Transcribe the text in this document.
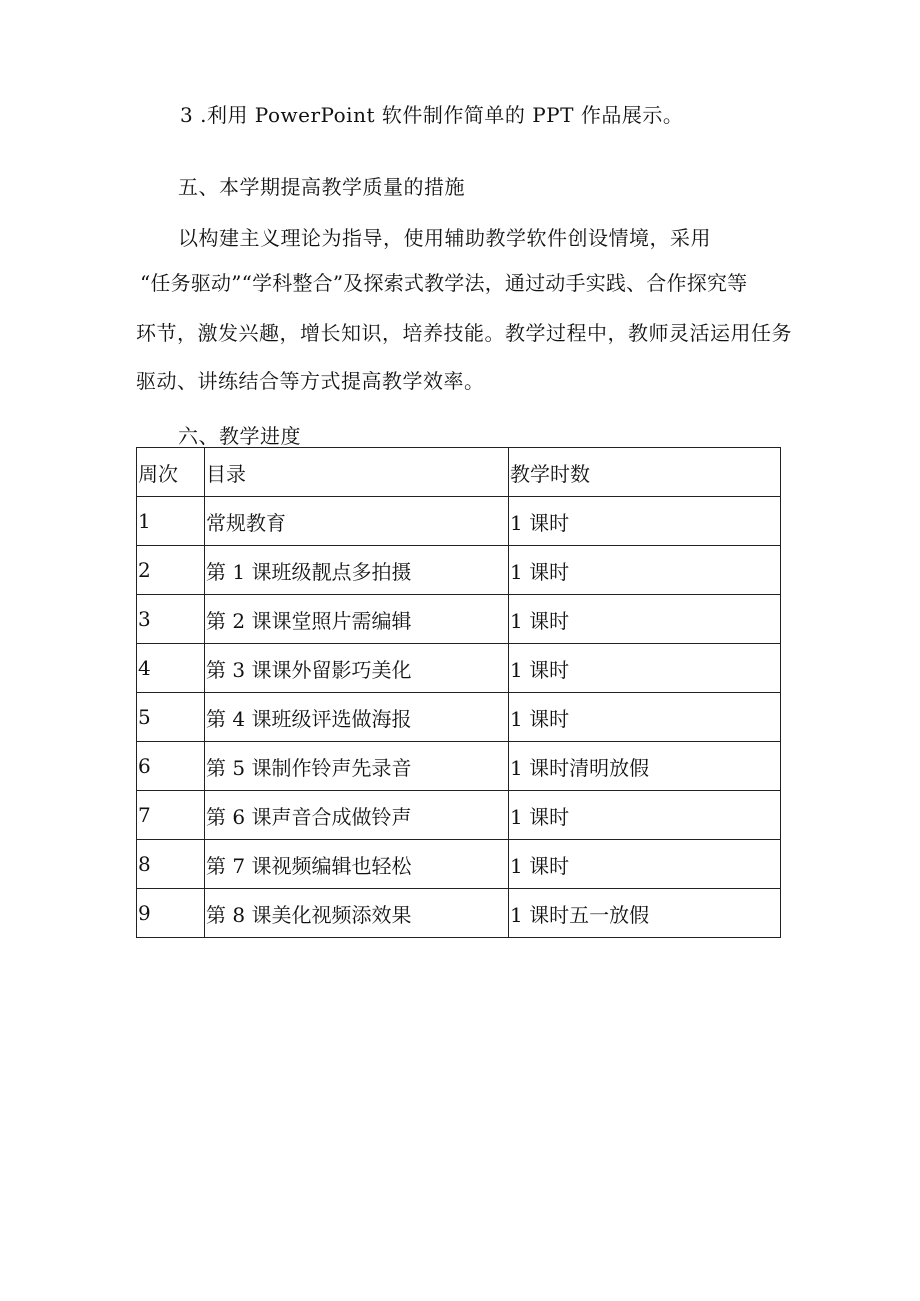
3 .利用 PowerPoint 软件制作简单的 PPT 作品展示。
五、本学期提高教学质量的措施
以构建主义理论为指导，使用辅助教学软件创设情境，采用
“任务驱动”“学科整合”及探索式教学法，通过动手实践、合作探究等
环节，激发兴趣，增长知识，培养技能。教学过程中，教师灵活运用任务
驱动、讲练结合等方式提高教学效率。
六、教学进度
周次	目录	教学时数
1	常规教育	1 课时
2	第 1 课班级靓点多拍摄	1 课时
3	第 2 课课堂照片需编辑	1 课时
4	第 3 课课外留影巧美化	1 课时
5	第 4 课班级评选做海报	1 课时
6	第 5 课制作铃声先录音	1 课时清明放假
7	第 6 课声音合成做铃声	1 课时
8	第 7 课视频编辑也轻松	1 课时
9	第 8 课美化视频添效果	1 课时五一放假
